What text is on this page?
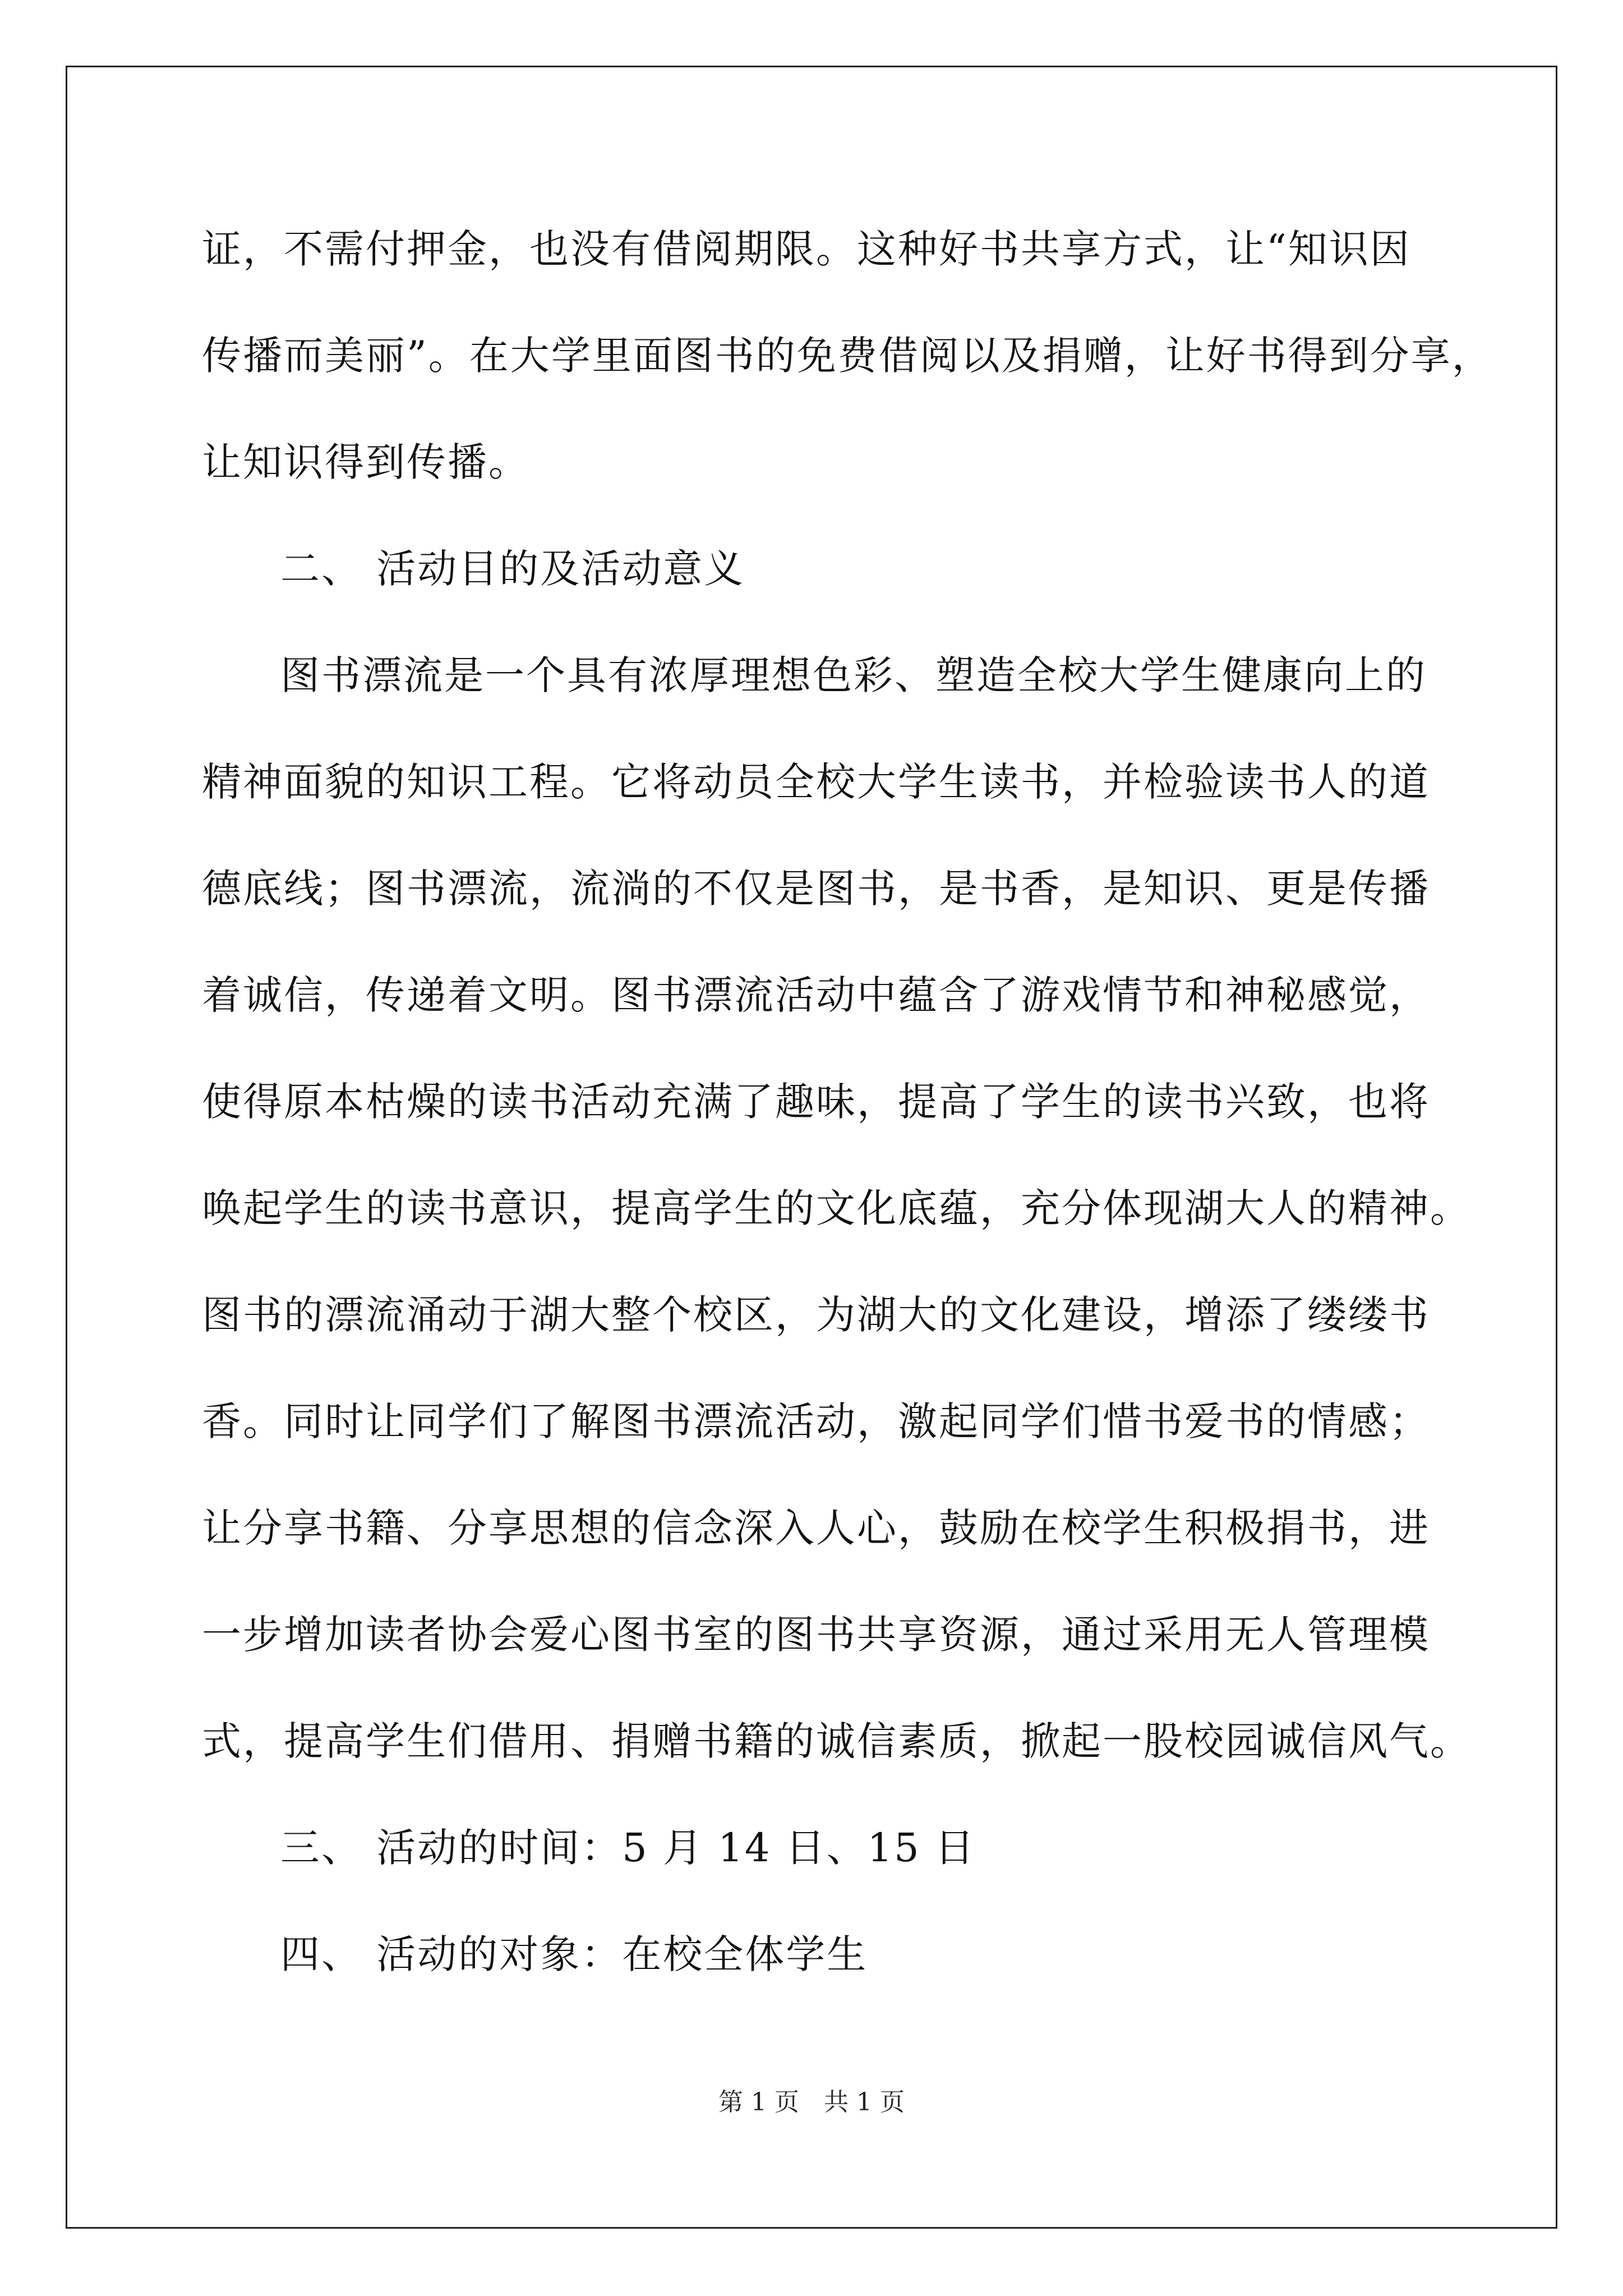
证，不需付押金，也没有借阅期限。这种好书共享方式，让“知识因
传播而美丽”。在大学里面图书的免费借阅以及捐赠，让好书得到分享，
让知识得到传播。
二、 活动目的及活动意义
图书漂流是一个具有浓厚理想色彩、塑造全校大学生健康向上的
精神面貌的知识工程。它将动员全校大学生读书，并检验读书人的道
德底线；图书漂流，流淌的不仅是图书，是书香，是知识、更是传播
着诚信，传递着文明。图书漂流活动中蕴含了游戏情节和神秘感觉，
使得原本枯燥的读书活动充满了趣味，提高了学生的读书兴致，也将
唤起学生的读书意识，提高学生的文化底蕴，充分体现湖大人的精神。
图书的漂流涌动于湖大整个校区，为湖大的文化建设，增添了缕缕书
香。同时让同学们了解图书漂流活动，激起同学们惜书爱书的情感；
让分享书籍、分享思想的信念深入人心，鼓励在校学生积极捐书，进
一步增加读者协会爱心图书室的图书共享资源，通过采用无人管理模
式，提高学生们借用、捐赠书籍的诚信素质，掀起一股校园诚信风气。
三、 活动的时间：5 月 14 日、15 日
四、 活动的对象：在校全体学生
第 1 页　共 1 页
